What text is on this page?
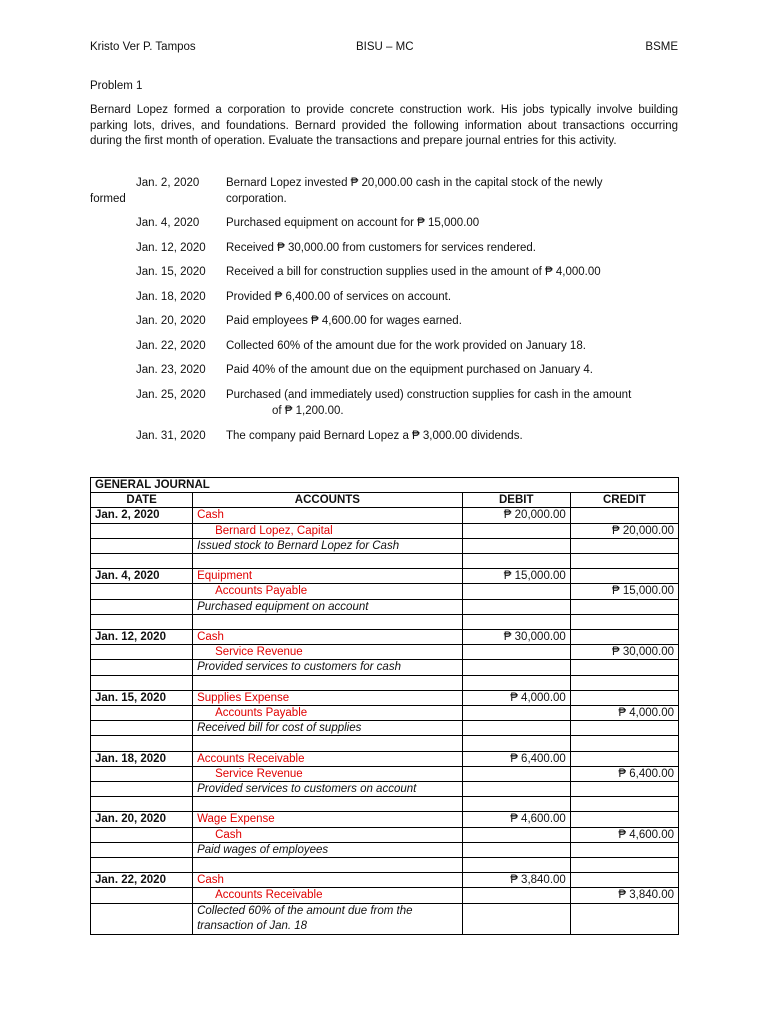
Kristo Ver P. Tampos	BISU – MC	BSME
Problem 1
Bernard Lopez formed a corporation to provide concrete construction work. His jobs typically involve building parking lots, drives, and foundations. Bernard provided the following information about transactions occurring during the first month of operation. Evaluate the transactions and prepare journal entries for this activity.
Jan. 2, 2020	Bernard Lopez invested ₱ 20,000.00 cash in the capital stock of the newly
corporation.
formed
Jan. 4, 2020	Purchased equipment on account for ₱ 15,000.00
Jan. 12, 2020	Received ₱ 30,000.00 from customers for services rendered.
Jan. 15, 2020	Received a bill for construction supplies used in the amount of ₱ 4,000.00
Jan. 18, 2020	Provided ₱ 6,400.00 of services on account.
Jan. 20, 2020	Paid employees ₱ 4,600.00 for wages earned.
Jan. 22, 2020	Collected 60% of the amount due for the work provided on January 18.
Jan. 23, 2020	Paid 40% of the amount due on the equipment purchased on January 4.
Jan. 25, 2020	Purchased (and immediately used) construction supplies for cash in the amount
of ₱ 1,200.00.
Jan. 31, 2020	The company paid Bernard Lopez a ₱ 3,000.00 dividends.
GENERAL JOURNAL			
DATE	ACCOUNTS	DEBIT	CREDIT
Jan. 2, 2020	Cash	₱ 20,000.00	
	Bernard Lopez, Capital		₱ 20,000.00
	Issued stock to Bernard Lopez for Cash		

Jan. 4, 2020	Equipment	₱ 15,000.00	
	Accounts Payable		₱ 15,000.00
	Purchased equipment on account		

Jan. 12, 2020	Cash	₱ 30,000.00	
	Service Revenue		₱ 30,000.00
	Provided services to customers for cash		

Jan. 15, 2020	Supplies Expense	₱ 4,000.00	
	Accounts Payable		₱ 4,000.00
	Received bill for cost of supplies		

Jan. 18, 2020	Accounts Receivable	₱ 6,400.00	
	Service Revenue		₱ 6,400.00
	Provided services to customers on account		

Jan. 20, 2020	Wage Expense	₱ 4,600.00	
	Cash		₱ 4,600.00
	Paid wages of employees		

Jan. 22, 2020	Cash	₱ 3,840.00	
	Accounts Receivable		₱ 3,840.00
	Collected 60% of the amount due from the transaction of Jan. 18		
